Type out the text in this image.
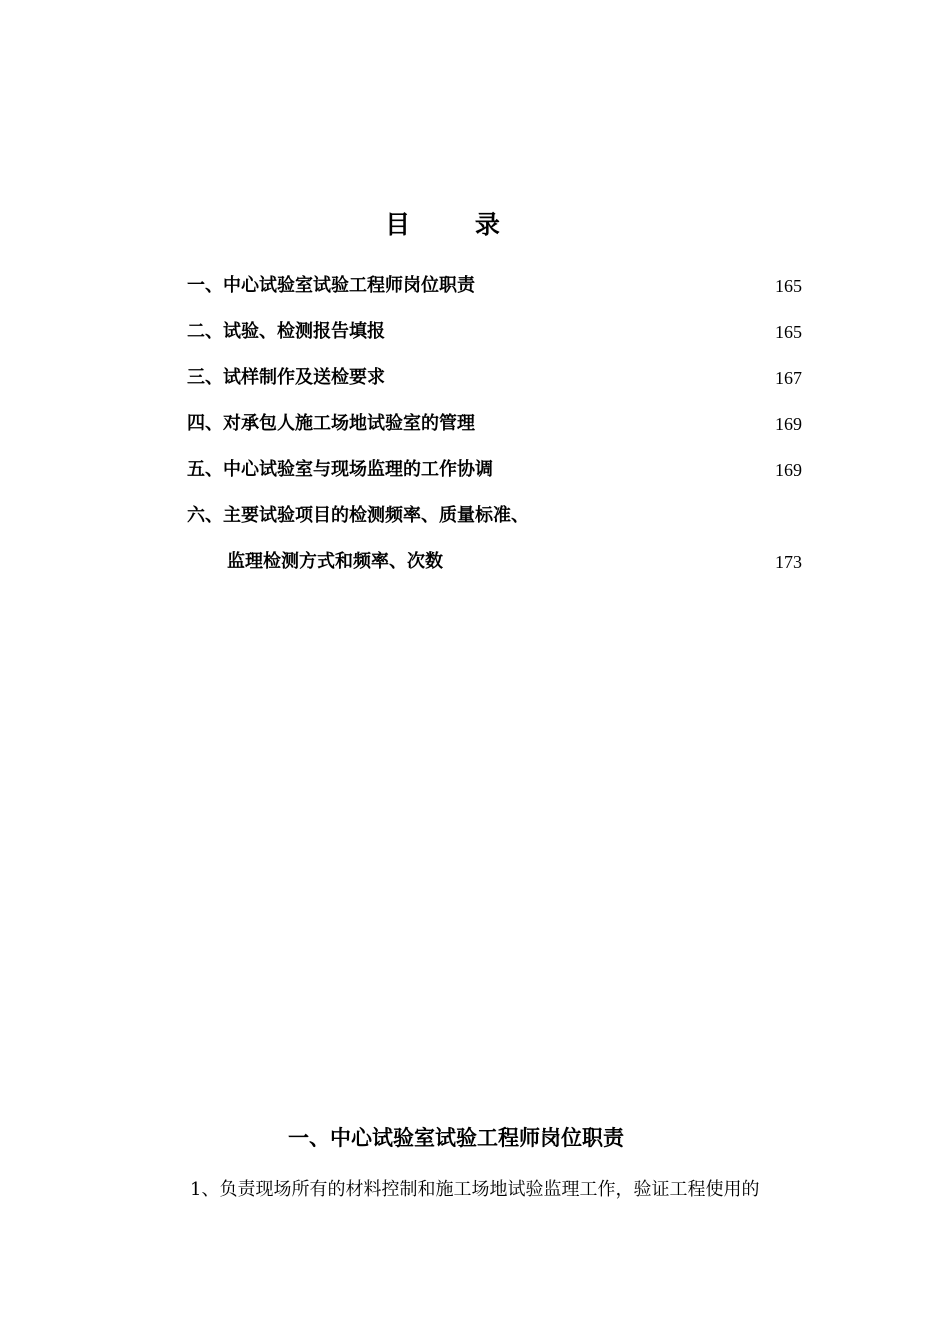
目 录
一、中心试验室试验工程师岗位职责	165
二、试验、检测报告填报	165
三、试样制作及送检要求	167
四、对承包人施工场地试验室的管理	169
五、中心试验室与现场监理的工作协调	169
六、主要试验项目的检测频率、质量标准、
监理检测方式和频率、次数	173
一、中心试验室试验工程师岗位职责
1、负责现场所有的材料控制和施工场地试验监理工作，验证工程使用的
